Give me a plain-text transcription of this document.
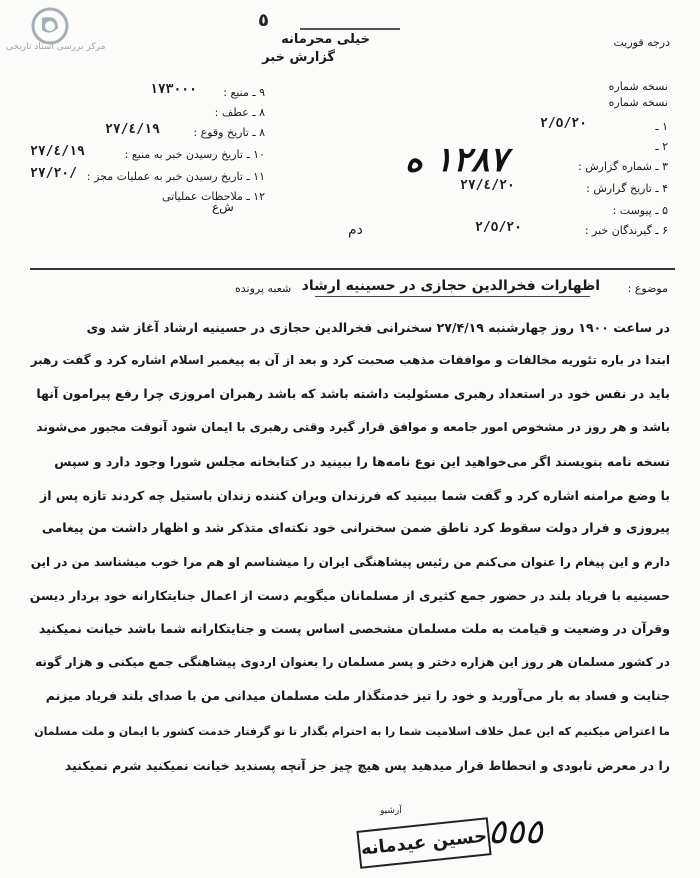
مرکز بررسی اسناد تاریخی
٥
خیلی محرمانه
گزارش خبر
درجه فوریت
۹ ـ منبع :
١٧٣٠٠٠
۸ ـ عطف :
۸ ـ تاریخ وقوع :
٢٧/٤/١٩
۱۰ ـ تاریخ رسیدن خبر به منبع :
٢٧/٤/١٩
۱۱ ـ تاریخ رسیدن خبر به عملیات مجز :
٢٧/٢٠/
۱۲ ـ ملاحظات عملیاتی
ش‌ع
دم
نسخه شماره
نسخه شماره
۱ ـ
٢/٥/٢٠
۲ ـ
۳ ـ شماره گزارش :
١٢٨٧ ه
۴ ـ تاریخ گزارش :
٢٧/٤/٢٠
۵ ـ پیوست :
۶ ـ گیرندگان خبر :
٢/٥/٢٠
موضوع :
اظهارات فخرالدین حجازی در حسینیه ارشاد
شعبه پرونده
در ساعت ۱۹۰۰ روز چهارشنبه ۲۷/۴/۱۹ سخنرانی فخرالدین حجازی در حسینیه ارشاد آغاز شد وی
ابتدا در باره تئوریه مخالفات و موافقات مذهب صحبت کرد و بعد از آن به پیغمبر اسلام اشاره کرد و گفت رهبر
باید در نفس خود در استعداد رهبری مسئولیت داشته باشد که باشد رهبران امروزی چرا رفع پیرامون آنها
باشد و هر روز در مشخوص امور جامعه و موافق قرار گیرد وقتی رهبری با ایمان شود آنوقت مجبور می‌شوند
نسخه نامه بنویسند اگر می‌خواهید این نوع نامه‌ها را ببینید در کتابخانه مجلس شورا وجود دارد و سپس
با وضع مرامنه اشاره کرد و گفت شما ببینید که فرزندان ویران کننده زندان باستیل چه کردند تازه پس از
پیروزی و فرار دولت سقوط کرد ناطق ضمن سخنرانی خود نکته‌ای متذکر شد و اظهار داشت من پیغامی
دارم و این پیغام را عنوان می‌کنم من رئیس پیشاهنگی ایران را میشناسم او هم مرا خوب میشناسد من در این
حسینیه با فریاد بلند در حضور جمع کثیری از مسلمانان میگویم دست از اعمال جنایتکارانه خود بردار دیسن
وقرآن در وضعیت و قیامت به ملت مسلمان مشخصی اساس پست و جنایتکارانه شما باشد خیانت نمیکنید
در کشور مسلمان هر روز این هزاره دختر و پسر مسلمان را بعنوان اردوی پیشاهنگی جمع میکنی و هزار گونه
جنایت و فساد به بار می‌آورید و خود را تیز خدمتگذار ملت مسلمان میدانی من با صدای بلند فریاد میزنم
ما اعتراض میکنیم که این عمل خلاف اسلامیت شما را به احترام بگذار تا تو گرفتار خدمت کشور با ایمان و ملت مسلمان
را در معرض نابودی و انحطاط قرار میدهید پس هیچ چیز جز آنچه پسندید خیانت نمیکنید شرم نمیکنید
آرشیو
حسین عیدمانه ٥٥٥
